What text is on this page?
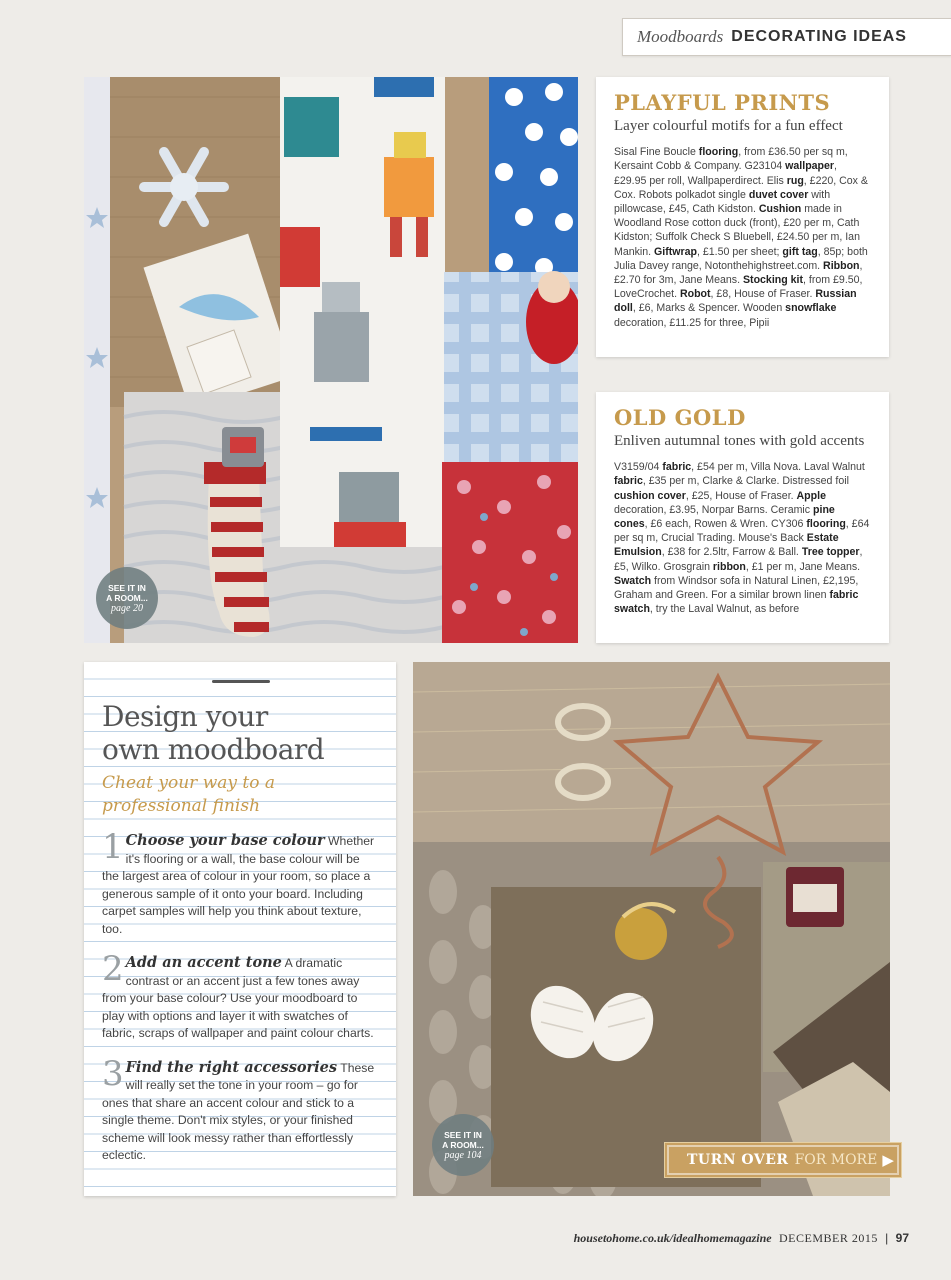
Moodboards DECORATING IDEAS
SEE IT IN
A ROOM...
page 20
PLAYFUL PRINTS
Layer colourful motifs for a fun effect
Sisal Fine Boucle flooring, from £36.50 per sq m, Kersaint Cobb & Company. G23104 wallpaper, £29.95 per roll, Wallpaperdirect. Elis rug, £220, Cox & Cox. Robots polkadot single duvet cover with pillowcase, £45, Cath Kidston. Cushion made in Woodland Rose cotton duck (front), £20 per m, Cath Kidston; Suffolk Check S Bluebell, £24.50 per m, Ian Mankin. Giftwrap, £1.50 per sheet; gift tag, 85p; both Julia Davey range, Notonthehighstreet.com. Ribbon, £2.70 for 3m, Jane Means. Stocking kit, from £9.50, LoveCrochet. Robot, £8, House of Fraser. Russian doll, £6, Marks & Spencer. Wooden snowflake decoration, £11.25 for three, Pipii
OLD GOLD
Enliven autumnal tones with gold accents
V3159/04 fabric, £54 per m, Villa Nova. Laval Walnut fabric, £35 per m, Clarke & Clarke. Distressed foil cushion cover, £25, House of Fraser. Apple decoration, £3.95, Norpar Barns. Ceramic pine cones, £6 each, Rowen & Wren. CY306 flooring, £64 per sq m, Crucial Trading. Mouse's Back Estate Emulsion, £38 for 2.5ltr, Farrow & Ball. Tree topper, £5, Wilko. Grosgrain ribbon, £1 per m, Jane Means. Swatch from Windsor sofa in Natural Linen, £2,195, Graham and Green. For a similar brown linen fabric swatch, try the Laval Walnut, as before
Design your
own moodboard
Cheat your way to a
professional finish
1 Choose your base colour Whether it's flooring or a wall, the base colour will be the largest area of colour in your room, so place a generous sample of it onto your board. Including carpet samples will help you think about texture, too.
2 Add an accent tone A dramatic contrast or an accent just a few tones away from your base colour? Use your moodboard to play with options and layer it with swatches of fabric, scraps of wallpaper and paint colour charts.
3 Find the right accessories These will really set the tone in your room – go for ones that share an accent colour and stick to a single theme. Don't mix styles, or your finished scheme will look messy rather than effortlessly eclectic.
SEE IT IN
A ROOM...
page 104	TURN OVER FOR MORE ▶
housetohome.co.uk/idealhomemagazine DECEMBER 2015 | 97
